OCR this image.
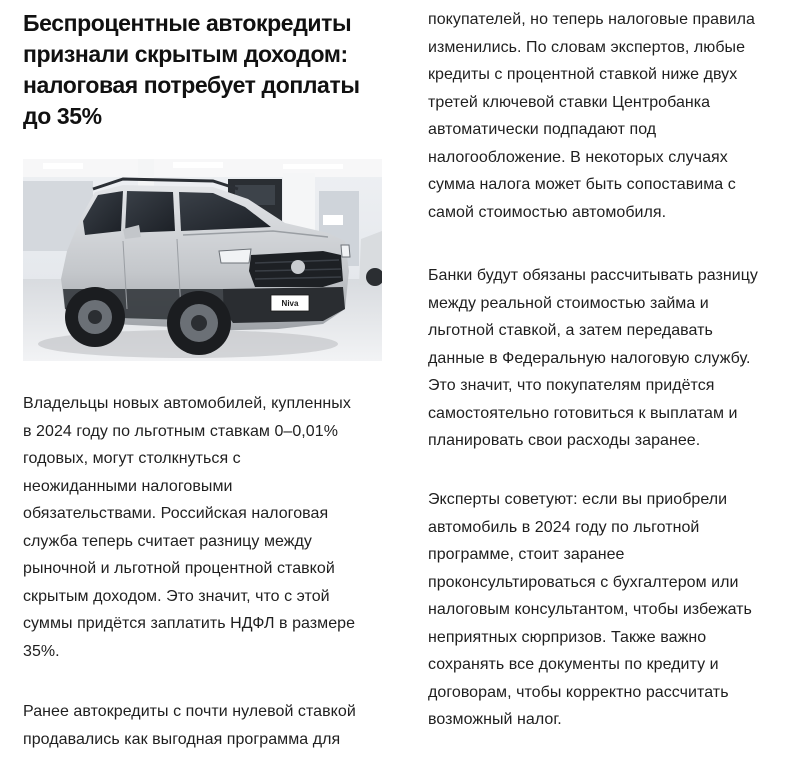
Беспроцентные автокредиты
признали скрытым доходом:
налоговая потребует доплаты
до 35%
Niva

Владельцы новых автомобилей, купленных
в 2024 году по льготным ставкам 0–0,01%
годовых, могут столкнуться с
неожиданными налоговыми
обязательствами. Российская налоговая
служба теперь считает разницу между
рыночной и льготной процентной ставкой
скрытым доходом. Это значит, что с этой
суммы придётся заплатить НДФЛ в размере
35%.

Ранее автокредиты с почти нулевой ставкой
продавались как выгодная программа для

покупателей, но теперь налоговые правила
изменились. По словам экспертов, любые
кредиты с процентной ставкой ниже двух
третей ключевой ставки Центробанка
автоматически подпадают под
налогообложение. В некоторых случаях
сумма налога может быть сопоставима с
самой стоимостью автомобиля.

Банки будут обязаны рассчитывать разницу
между реальной стоимостью займа и
льготной ставкой, а затем передавать
данные в Федеральную налоговую службу.
Это значит, что покупателям придётся
самостоятельно готовиться к выплатам и
планировать свои расходы заранее.

Эксперты советуют: если вы приобрели
автомобиль в 2024 году по льготной
программе, стоит заранее
проконсультироваться с бухгалтером или
налоговым консультантом, чтобы избежать
неприятных сюрпризов. Также важно
сохранять все документы по кредиту и
договорам, чтобы корректно рассчитать
возможный налог.
